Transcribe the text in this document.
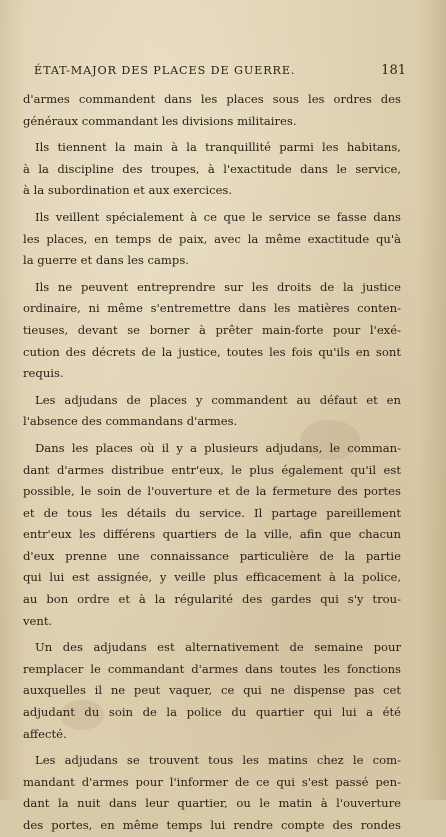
ÉTAT-MAJOR DES PLACES DE GUERRE.	181
d'armes commandent dans les places sous les ordres des
généraux commandant les divisions militaires.
Ils tiennent la main à la tranquillité parmi les habitans,
à la discipline des troupes, à l'exactitude dans le service,
à la subordination et aux exercices.
Ils veillent spécialement à ce que le service se fasse dans
les places, en temps de paix, avec la même exactitude qu'à
la guerre et dans les camps.
Ils ne peuvent entreprendre sur les droits de la justice
ordinaire, ni même s'entremettre dans les matières conten-
tieuses, devant se borner à prêter main-forte pour l'exé-
cution des décrets de la justice, toutes les fois qu'ils en sont
requis.
Les adjudans de places y commandent au défaut et en
l'absence des commandans d'armes.
Dans les places où il y a plusieurs adjudans, le comman-
dant d'armes distribue entr'eux, le plus également qu'il est
possible, le soin de l'ouverture et de la fermeture des portes
et de tous les détails du service. Il partage pareillement
entr'eux les différens quartiers de la ville, afin que chacun
d'eux prenne une connaissance particulière de la partie
qui lui est assignée, y veille plus efficacement à la police,
au bon ordre et à la régularité des gardes qui s'y trou-
vent.
Un des adjudans est alternativement de semaine pour
remplacer le commandant d'armes dans toutes les fonctions
auxquelles il ne peut vaquer, ce qui ne dispense pas cet
adjudant du soin de la police du quartier qui lui a été
affecté.
Les adjudans se trouvent tous les matins chez le com-
mandant d'armes pour l'informer de ce qui s'est passé pen-
dant la nuit dans leur quartier, ou le matin à l'ouverture
des portes, en même temps lui rendre compte des rondes
